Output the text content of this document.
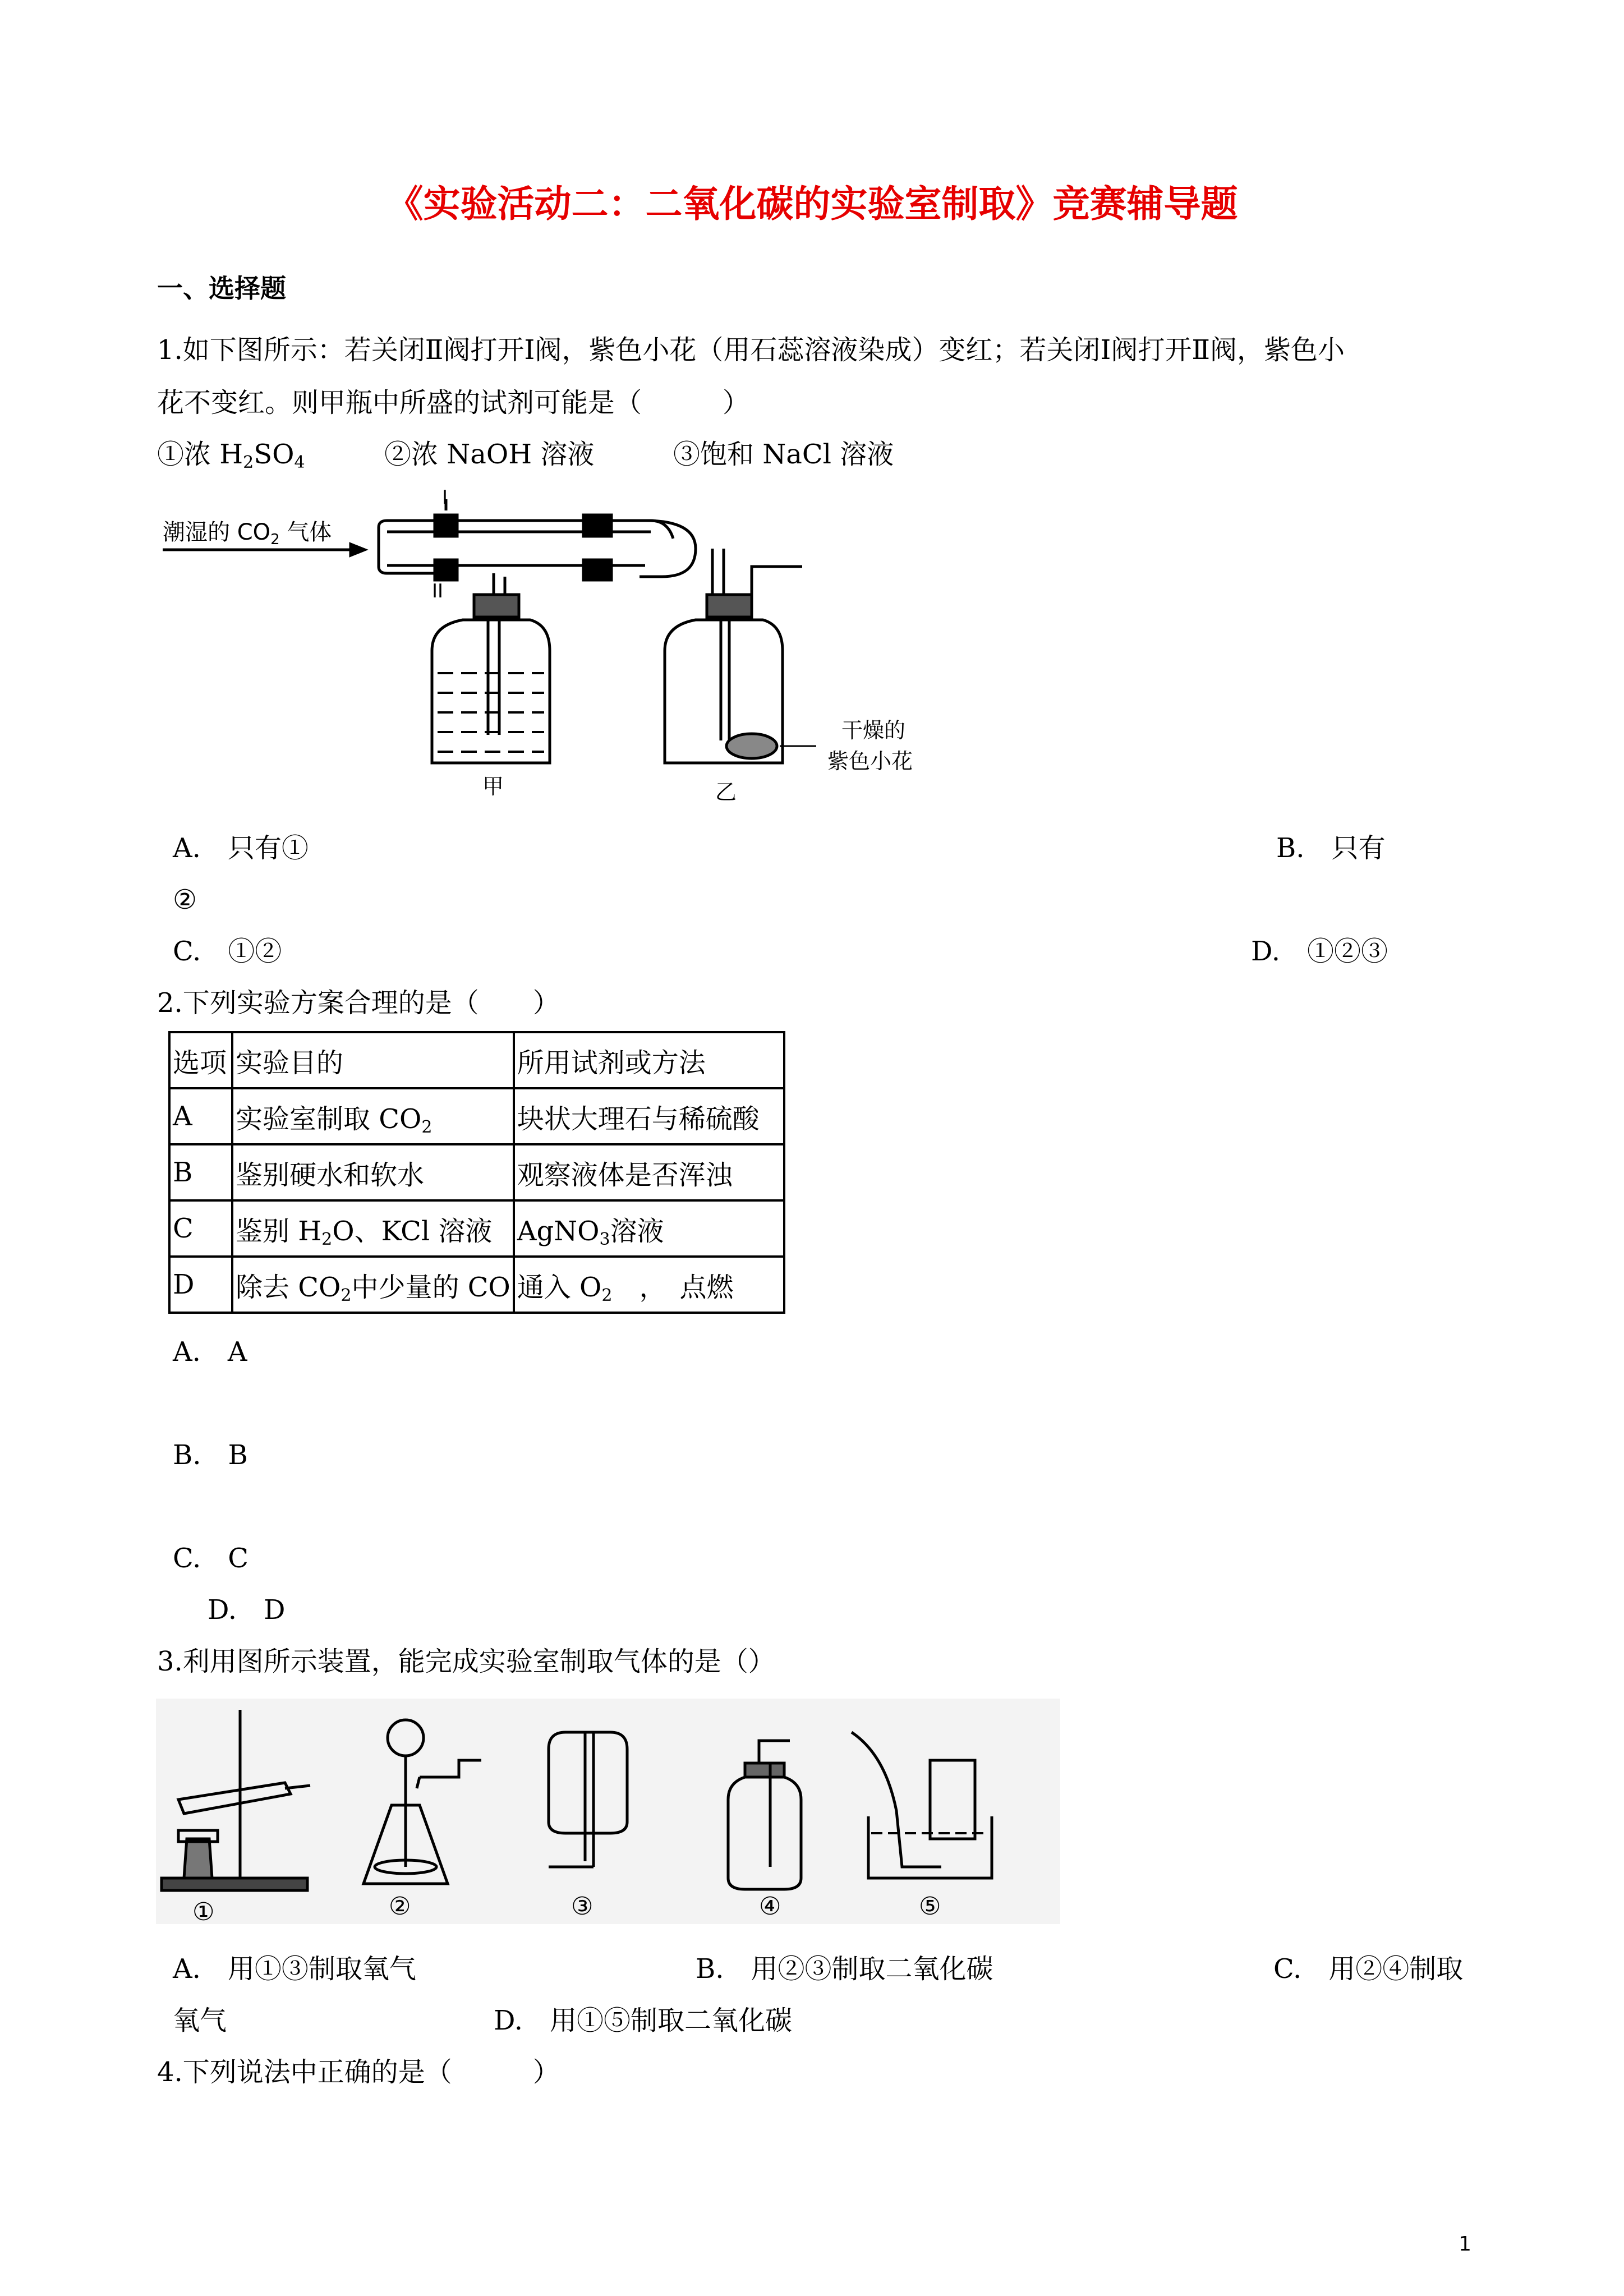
《实验活动二：二氧化碳的实验室制取》竞赛辅导题
一、选择题
1.如下图所示：若关闭Ⅱ阀打开Ⅰ阀，紫色小花（用石蕊溶液染成）变红；若关闭Ⅰ阀打开Ⅱ阀，紫色小
花不变红。则甲瓶中所盛的试剂可能是（　　　）
①浓 $H_2SO_4$	②浓 NaOH 溶液	③饱和 NaCl 溶液
潮湿的 $CO_2$ 气体
I
II
甲	乙
干燥的
紫色小花
A.　只有①	B.　只有
②
C.　①②	D.　①②③
2.下列实验方案合理的是（　　）
选项	实验目的	所用试剂或方法
A	实验室制取 $CO_2$	块状大理石与稀硫酸
B	鉴别硬水和软水	观察液体是否浑浊
C	鉴别 $H_2O$、KCl 溶液	AgNO$_3$溶液
D	除去 $CO_2$中少量的 CO	通入 $O_2$　，　点燃
A.　A
B.　B
C.　C
D.　D
3.利用图所示装置，能完成实验室制取气体的是（）
①	②	③	④	⑤
A.　用①③制取氧气	B.　用②③制取二氧化碳	C.　用②④制取
氧气	D.　用①⑤制取二氧化碳
4.下列说法中正确的是（　　　）
1
